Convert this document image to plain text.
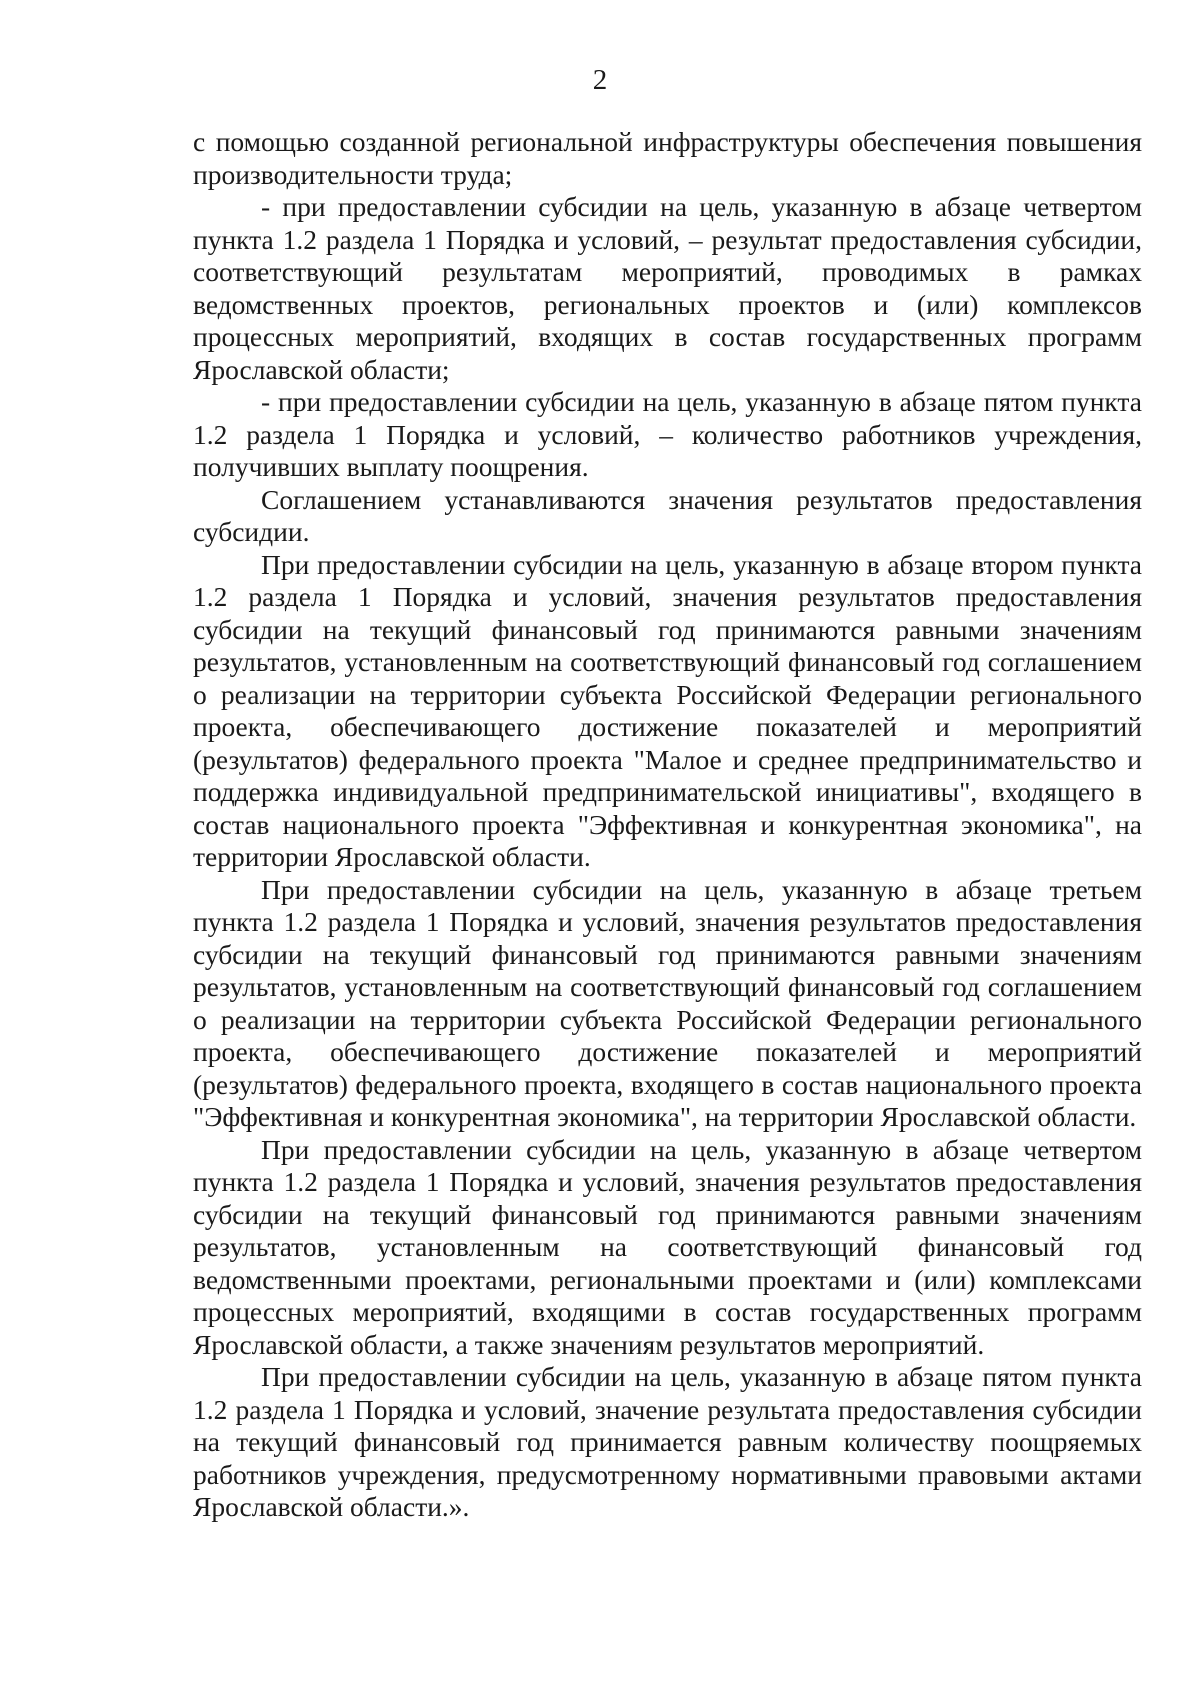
2

с помощью созданной региональной инфраструктуры обеспечения повышения производительности труда;

- при предоставлении субсидии на цель, указанную в абзаце четвертом пункта 1.2 раздела 1 Порядка и условий, – результат предоставления субсидии, соответствующий результатам мероприятий, проводимых в рамках ведомственных проектов, региональных проектов и (или) комплексов процессных мероприятий, входящих в состав государственных программ Ярославской области;

- при предоставлении субсидии на цель, указанную в абзаце пятом пункта 1.2 раздела 1 Порядка и условий, – количество работников учреждения, получивших выплату поощрения.

Соглашением устанавливаются значения результатов предоставления субсидии.

При предоставлении субсидии на цель, указанную в абзаце втором пункта 1.2 раздела 1 Порядка и условий, значения результатов предоставления субсидии на текущий финансовый год принимаются равными значениям результатов, установленным на соответствующий финансовый год соглашением о реализации на территории субъекта Российской Федерации регионального проекта, обеспечивающего достижение показателей и мероприятий (результатов) федерального проекта "Малое и среднее предпринимательство и поддержка индивидуальной предпринимательской инициативы", входящего в состав национального проекта "Эффективная и конкурентная экономика", на территории Ярославской области.

При предоставлении субсидии на цель, указанную в абзаце третьем пункта 1.2 раздела 1 Порядка и условий, значения результатов предоставления субсидии на текущий финансовый год принимаются равными значениям результатов, установленным на соответствующий финансовый год соглашением о реализации на территории субъекта Российской Федерации регионального проекта, обеспечивающего достижение показателей и мероприятий (результатов) федерального проекта, входящего в состав национального проекта "Эффективная и конкурентная экономика", на территории Ярославской области.

При предоставлении субсидии на цель, указанную в абзаце четвертом пункта 1.2 раздела 1 Порядка и условий, значения результатов предоставления субсидии на текущий финансовый год принимаются равными значениям результатов, установленным на соответствующий финансовый год ведомственными проектами, региональными проектами и (или) комплексами процессных мероприятий, входящими в состав государственных программ Ярославской области, а также значениям результатов мероприятий.

При предоставлении субсидии на цель, указанную в абзаце пятом пункта 1.2 раздела 1 Порядка и условий, значение результата предоставления субсидии на текущий финансовый год принимается равным количеству поощряемых работников учреждения, предусмотренному нормативными правовыми актами Ярославской области.».
